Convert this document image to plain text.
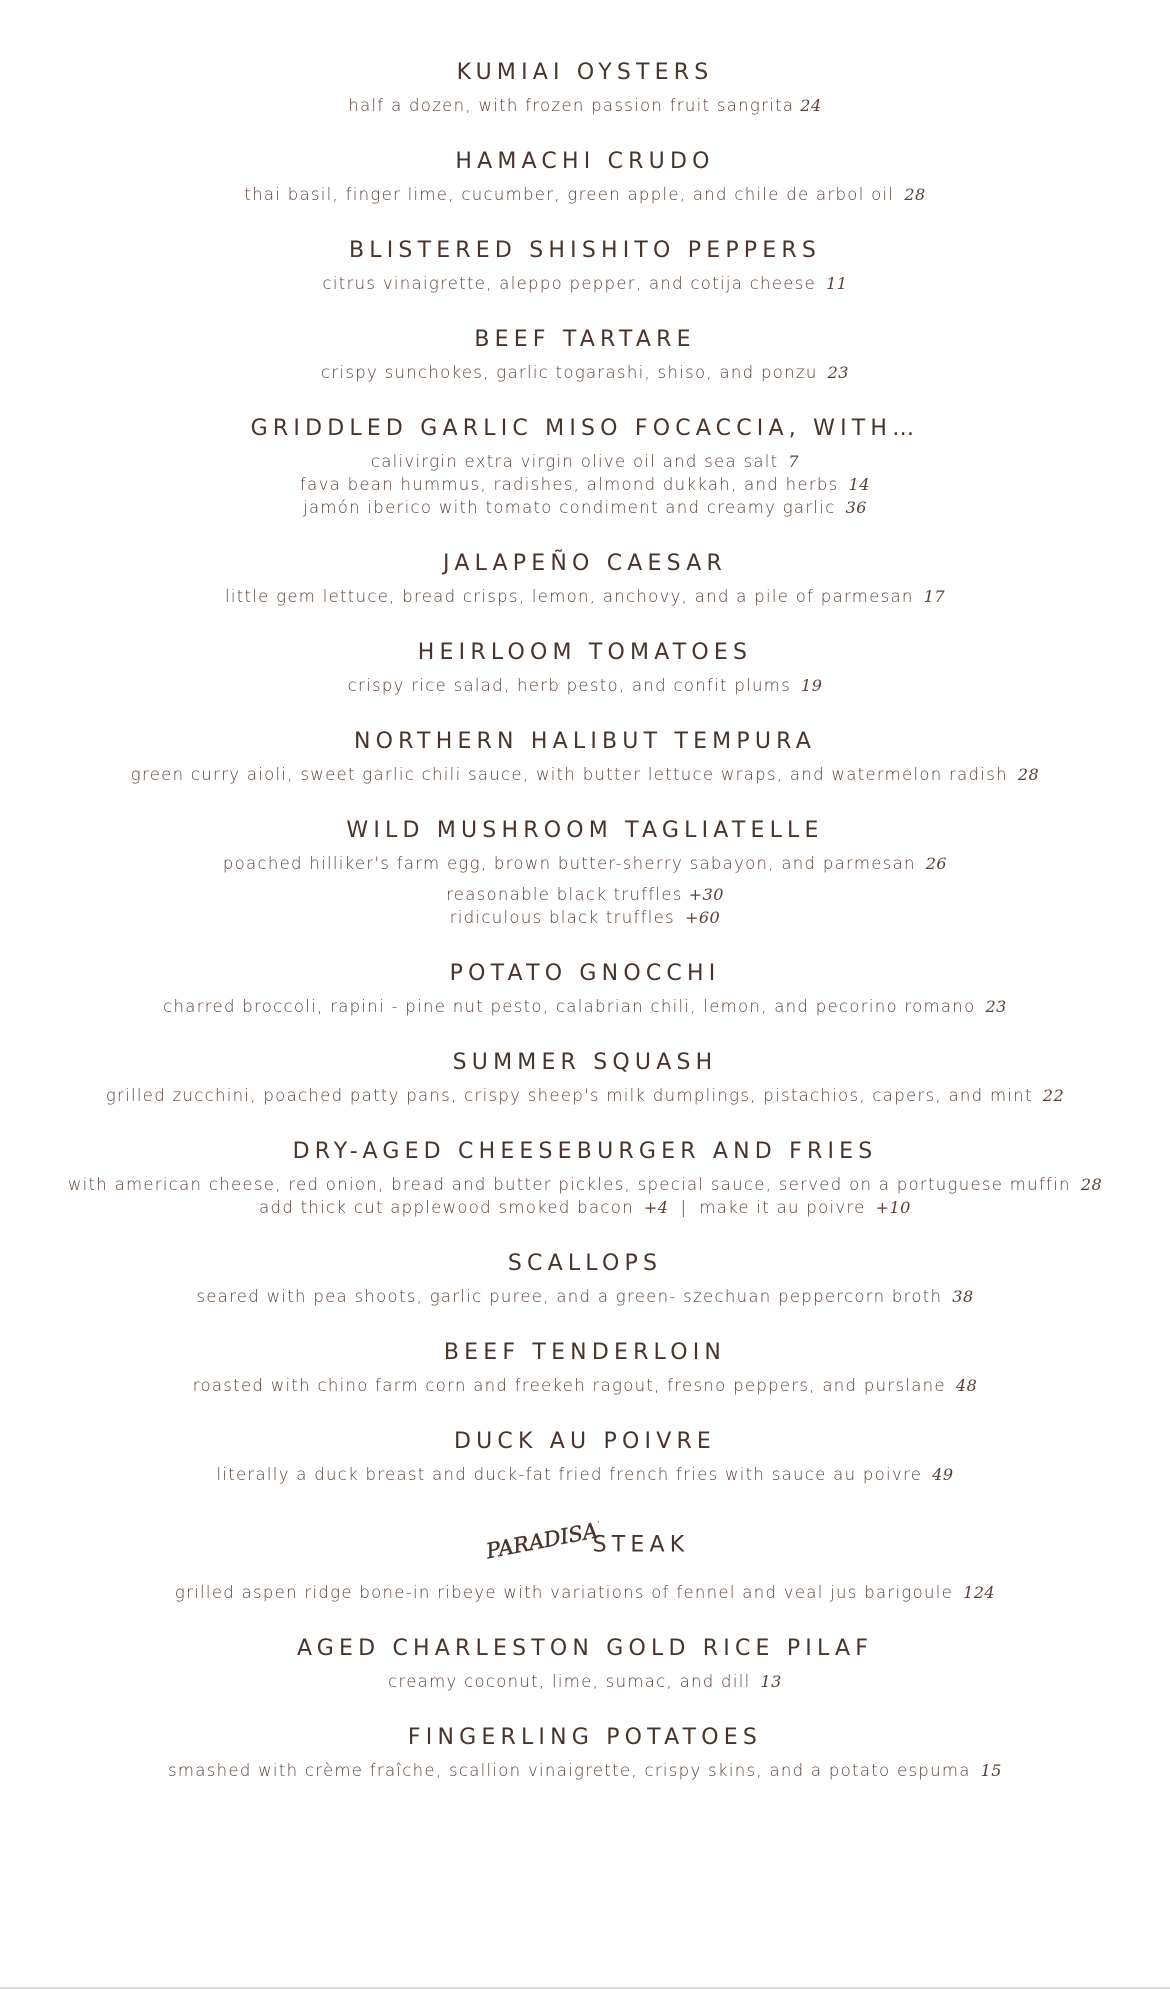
KUMIAI OYSTERS
half a dozen, with frozen passion fruit sangrita 24
HAMACHI CRUDO
thai basil, finger lime, cucumber, green apple, and chile de arbol oil 28
BLISTERED SHISHITO PEPPERS
citrus vinaigrette, aleppo pepper, and cotija cheese 11
BEEF TARTARE
crispy sunchokes, garlic togarashi, shiso, and ponzu 23
GRIDDLED GARLIC MISO FOCACCIA, WITH…
calivirgin extra virgin olive oil and sea salt 7
fava bean hummus, radishes, almond dukkah, and herbs 14
jamón iberico with tomato condiment and creamy garlic 36
JALAPEÑO CAESAR
little gem lettuce, bread crisps, lemon, anchovy, and a pile of parmesan 17
HEIRLOOM TOMATOES
crispy rice salad, herb pesto, and confit plums 19
NORTHERN HALIBUT TEMPURA
green curry aioli, sweet garlic chili sauce, with butter lettuce wraps, and watermelon radish 28
WILD MUSHROOM TAGLIATELLE
poached hilliker's farm egg, brown butter-sherry sabayon, and parmesan 26
reasonable black truffles +30
ridiculous black truffles +60
POTATO GNOCCHI
charred broccoli, rapini - pine nut pesto, calabrian chili, lemon, and pecorino romano 23
SUMMER SQUASH
grilled zucchini, poached patty pans, crispy sheep's milk dumplings, pistachios, capers, and mint 22
DRY-AGED CHEESEBURGER AND FRIES
with american cheese, red onion, bread and butter pickles, special sauce, served on a portuguese muffin 28
add thick cut applewood smoked bacon +4 | make it au poivre +10
SCALLOPS
seared with pea shoots, garlic puree, and a green- szechuan peppercorn broth 38
BEEF TENDERLOIN
roasted with chino farm corn and freekeh ragout, fresno peppers, and purslane 48
DUCK AU POIVRE
literally a duck breast and duck-fat fried french fries with sauce au poivre 49
PARADISAEA
STEAK
grilled aspen ridge bone-in ribeye with variations of fennel and veal jus barigoule 124
AGED CHARLESTON GOLD RICE PILAF
creamy coconut, lime, sumac, and dill 13
FINGERLING POTATOES
smashed with crème fraîche, scallion vinaigrette, crispy skins, and a potato espuma 15
